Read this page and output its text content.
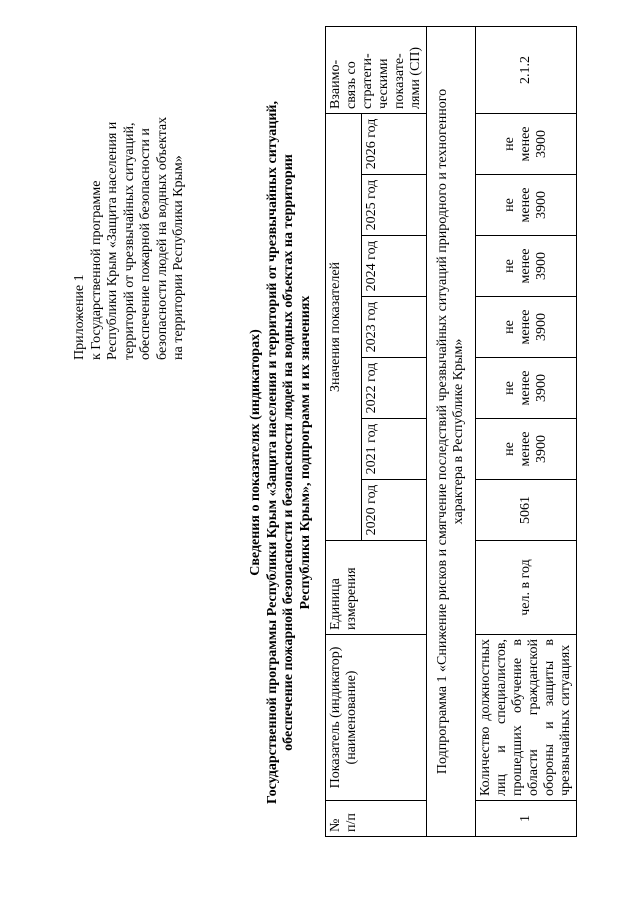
Приложение 1 к Государственной программе Республики Крым «Защита населения и территорий от чрезвычайных ситуаций, обеспечение пожарной безопасности и безопасности людей на водных объектах на территории Республики Крым»
Сведения о показателях (индикаторах) Государственной программы Республики Крым «Защита населения и территорий от чрезвычайных ситуаций, обеспечение пожарной безопасности и безопасности людей на водных объектах на территории Республики Крым», подпрограмм и их значениях
№ п/п	Показатель (индикатор) (наименование)	Единица измерения	Значения показателей							Взаимо-связь со стратеги-ческими показате-лями (СП)
			2020 год	2021 год	2022 год	2023 год	2024 год	2025 год	2026 год	
Подпрограмма 1 «Снижение рисков и смягчение последствий чрезвычайных ситуаций природного и техногенного характера в Республике Крым»										
1	Количество должностных лиц и специалистов, прошедших обучение в области гражданской обороны и защиты в чрезвычайных ситуациях	чел. в год	5061	не менее 3900	не менее 3900	не менее 3900	не менее 3900	не менее 3900	не менее 3900	2.1.2
